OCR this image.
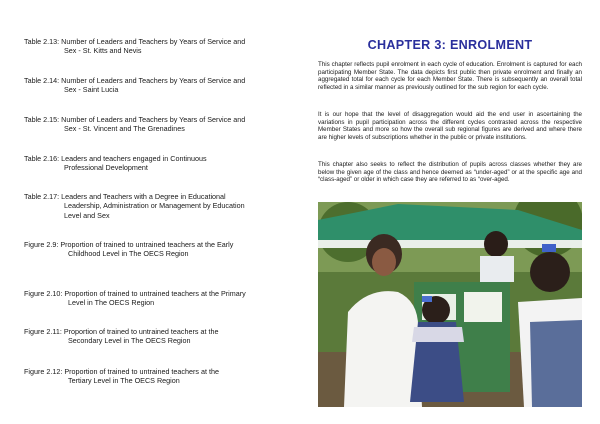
Table 2.13: Number of Leaders and Teachers by Years of Service and
Sex - St. Kitts and Nevis
Table 2.14: Number of Leaders and Teachers by Years of Service and
Sex - Saint Lucia
Table 2.15: Number of Leaders and Teachers by Years of Service and
Sex - St. Vincent and The Grenadines
Table 2.16: Leaders and teachers engaged in Continuous
Professional Development
Table 2.17: Leaders and Teachers with a Degree in Educational
Leadership, Administration or Management by Education
Level and Sex
Figure 2.9: Proportion of trained to untrained teachers at the Early
Childhood Level in The OECS Region
Figure 2.10: Proportion of trained to untrained teachers at the Primary
Level in The OECS Region
Figure 2.11: Proportion of trained to untrained teachers at the
Secondary Level in The OECS Region
Figure 2.12: Proportion of trained to untrained teachers at the
Tertiary Level in The OECS Region
CHAPTER 3: ENROLMENT

This chapter reflects pupil enrolment in each cycle of education. Enrolment is captured for each participating Member State. The data depicts first public then private enrolment and finally an aggregated total for each cycle for each Member State. There is subsequently an overall total reflected in a similar manner as previously outlined for the sub region for each cycle.

It is our hope that the level of disaggregation would aid the end user in ascertaining the variations in pupil participation across the different cycles contrasted across the respective Member States and more so how the overall sub regional figures are derived and where there are higher levels of subscriptions whether in the public or private institutions.

This chapter also seeks to reflect the distribution of pupils across classes whether they are below the given age of the class and hence deemed as “under-aged” or at the specific age and “class-aged” or older in which case they are referred to as “over-aged.
